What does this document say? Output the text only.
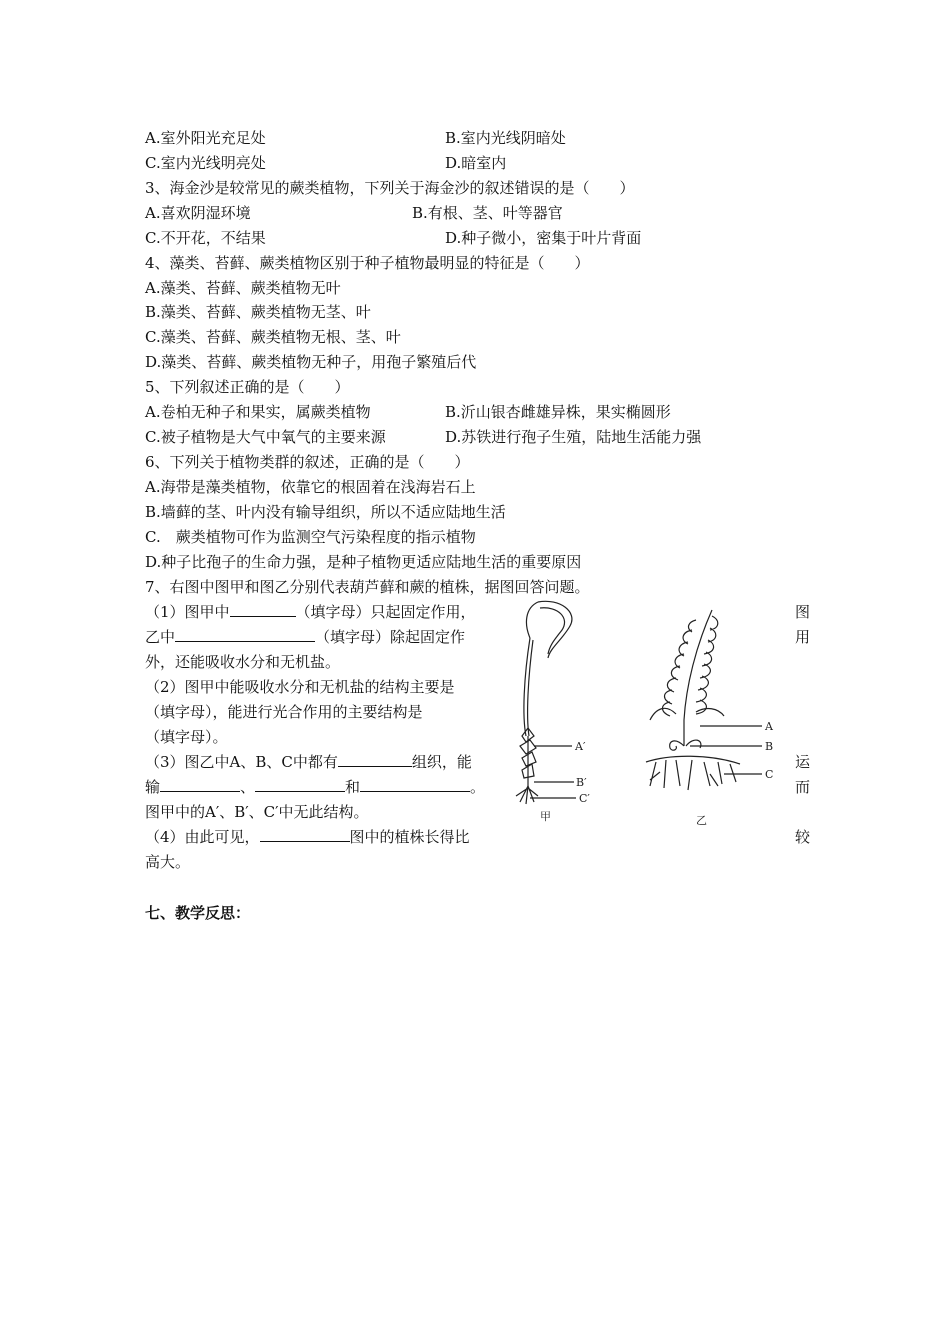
A.室外阳光充足处	B.室内光线阴暗处
C.室内光线明亮处	D.暗室内
3、海金沙是较常见的蕨类植物，下列关于海金沙的叙述错误的是（　　）
A.喜欢阴湿环境	B.有根、茎、叶等器官
C.不开花，不结果	D.种子微小，密集于叶片背面
4、藻类、苔藓、蕨类植物区别于种子植物最明显的特征是（　　）
A.藻类、苔藓、蕨类植物无叶
B.藻类、苔藓、蕨类植物无茎、叶
C.藻类、苔藓、蕨类植物无根、茎、叶
D.藻类、苔藓、蕨类植物无种子，用孢子繁殖后代
5、下列叙述正确的是（　　）
A.卷柏无种子和果实，属蕨类植物	B.沂山银杏雌雄异株，果实椭圆形
C.被子植物是大气中氧气的主要来源	D.苏铁进行孢子生殖，陆地生活能力强
6、下列关于植物类群的叙述，正确的是（　　）
A.海带是藻类植物，依靠它的根固着在浅海岩石上
B.墙藓的茎、叶内没有输导组织，所以不适应陆地生活
C.　蕨类植物可作为监测空气污染程度的指示植物
D.种子比孢子的生命力强，是种子植物更适应陆地生活的重要原因
7、右图中图甲和图乙分别代表葫芦藓和蕨的植株，据图回答问题。
（1）图甲中	（填字母）只起固定作用，	图
乙中	（填字母）除起固定作	用
外，还能吸收水分和无机盐。
（2）图甲中能吸收水分和无机盐的结构主要是
（填字母），能进行光合作用的主要结构是
（填字母）。
（3）图乙中A、B、C中都有	组织，能	运
输	、	和	。	而
图甲中的A′、B′、C′中无此结构。
（4）由此可见，	图中的植株长得比	较
高大。
A′
B′
C′
甲
A
B
C
乙
七、教学反思：
